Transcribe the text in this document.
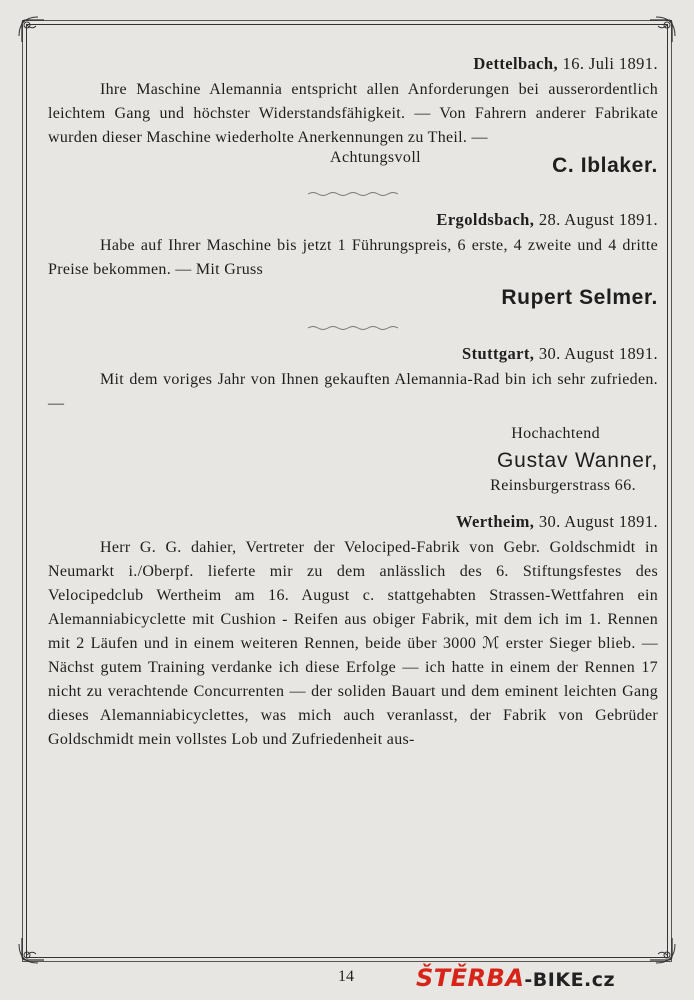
Dettelbach, 16. Juli 1891.

Ihre Maschine Alemannia entspricht allen Anforderungen bei ausserordentlich leichtem Gang und höchster Widerstandsfähigkeit. — Von Fahrern anderer Fabrikate wurden dieser Maschine wiederholte Anerkennungen zu Theil. —

Achtungsvoll	C. Iblaker.

Ergoldsbach, 28. August 1891.

Habe auf Ihrer Maschine bis jetzt 1 Führungspreis, 6 erste, 4 zweite und 4 dritte Preise bekommen. — Mit Gruss

Rupert Selmer.

Stuttgart, 30. August 1891.

Mit dem voriges Jahr von Ihnen gekauften Alemannia-Rad bin ich sehr zufrieden. —

Hochachtend
Gustav Wanner,
Reinsburgerstrass 66.

Wertheim, 30. August 1891.

Herr G. G. dahier, Vertreter der Velociped-Fabrik von Gebr. Goldschmidt in Neumarkt i./Oberpf. lieferte mir zu dem anlässlich des 6. Stiftungsfestes des Velocipedclub Wertheim am 16. August c. stattgehabten Strassen-Wettfahren ein Alemanniabicyclette mit Cushion - Reifen aus obiger Fabrik, mit dem ich im 1. Rennen mit 2 Läufen und in einem weiteren Rennen, beide über 3000 ℳ erster Sieger blieb. — Nächst gutem Training verdanke ich diese Erfolge — ich hatte in einem der Rennen 17 nicht zu verachtende Concurrenten — der soliden Bauart und dem eminent leichten Gang dieses Alemanniabicyclettes, was mich auch veranlasst, der Fabrik von Gebrüder Goldschmidt mein vollstes Lob und Zufriedenheit aus-

14	ŠTĚRBA-BIKE.cz
